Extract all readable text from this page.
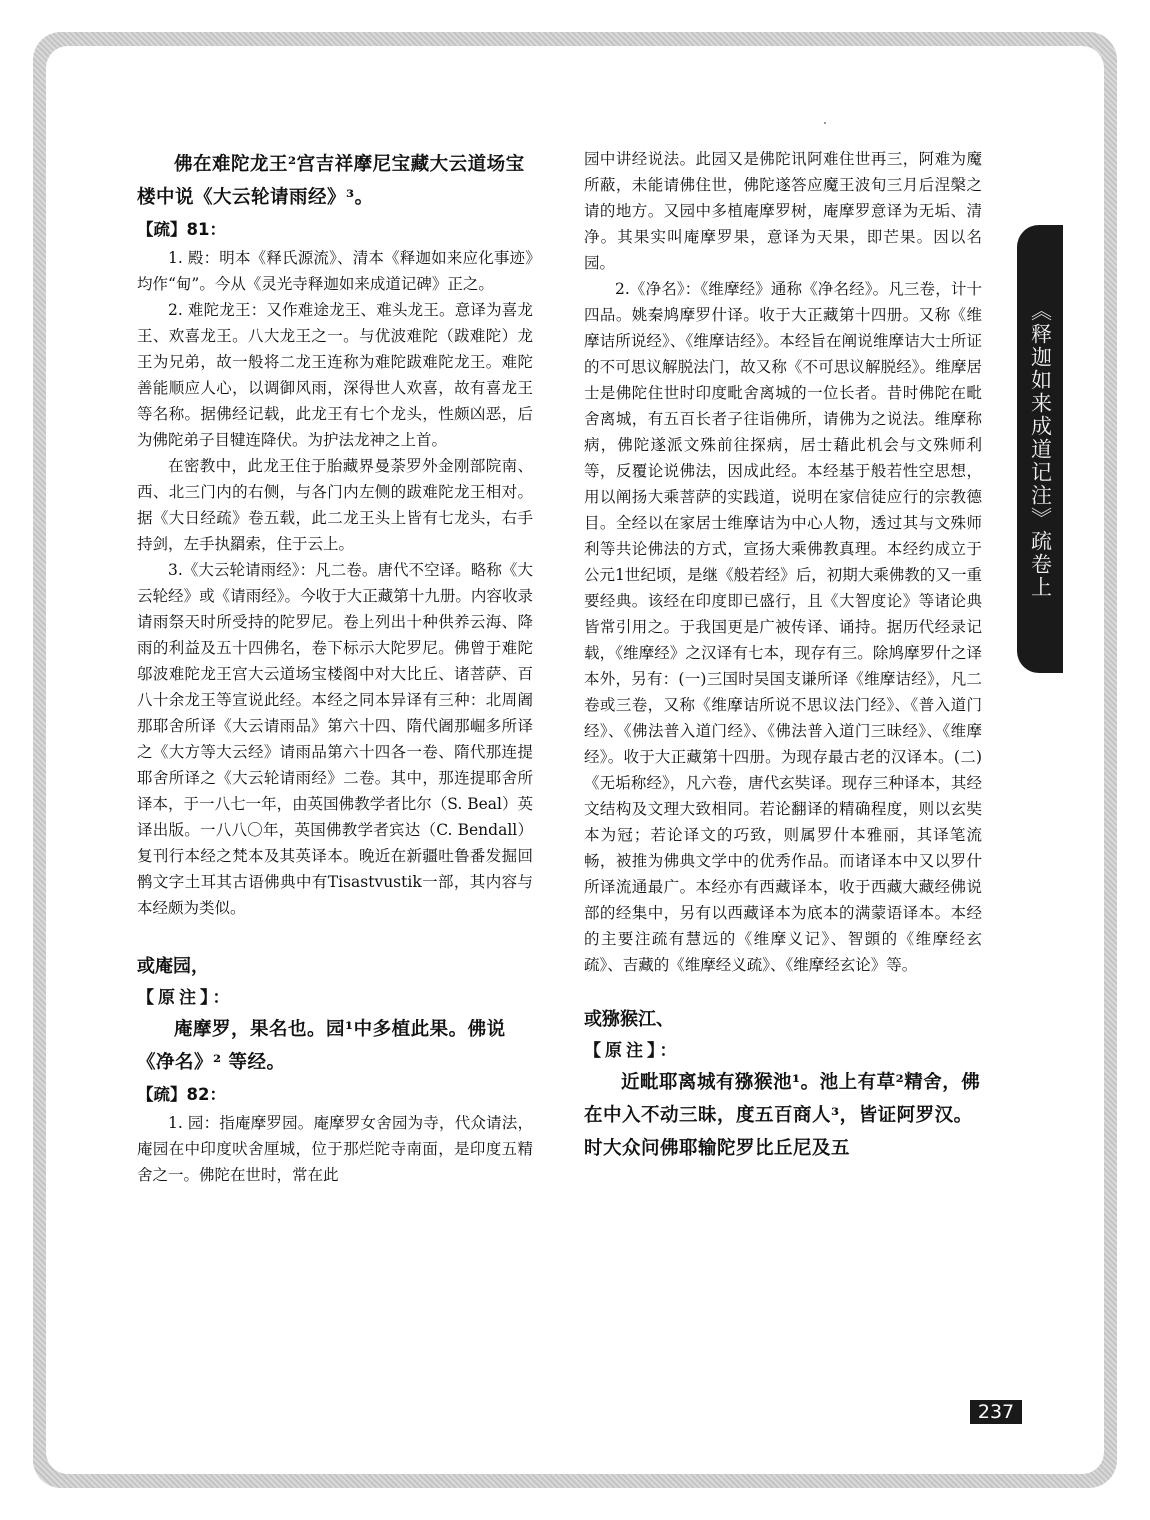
佛在难陀龙王²宫吉祥摩尼宝藏大云道场宝楼中说《大云轮请雨经》³。

【疏】81：

1. 殿：明本《释氏源流》、清本《释迦如来应化事迹》均作“甸”。今从《灵光寺释迦如来成道记碑》正之。

2. 难陀龙王：又作难途龙王、难头龙王。意译为喜龙王、欢喜龙王。八大龙王之一。与优波难陀（跋难陀）龙王为兄弟，故一般将二龙王连称为难陀跋难陀龙王。难陀善能顺应人心，以调御风雨，深得世人欢喜，故有喜龙王等名称。据佛经记载，此龙王有七个龙头，性颇凶恶，后为佛陀弟子目犍连降伏。为护法龙神之上首。

在密教中，此龙王住于胎藏界曼荼罗外金刚部院南、西、北三门内的右侧，与各门内左侧的跋难陀龙王相对。据《大日经疏》卷五载，此二龙王头上皆有七龙头，右手持剑，左手执羂索，住于云上。

3.《大云轮请雨经》：凡二卷。唐代不空译。略称《大云轮经》或《请雨经》。今收于大正藏第十九册。内容收录请雨祭天时所受持的陀罗尼。卷上列出十种供养云海、降雨的利益及五十四佛名，卷下标示大陀罗尼。佛曾于难陀邬波难陀龙王宫大云道场宝楼阁中对大比丘、诸菩萨、百八十余龙王等宣说此经。本经之同本异译有三种：北周阇那耶舍所译《大云请雨品》第六十四、隋代阇那崛多所译之《大方等大云经》请雨品第六十四各一卷、隋代那连提耶舍所译之《大云轮请雨经》二卷。其中，那连提耶舍所译本，于一八七一年，由英国佛教学者比尔（S. Beal）英译出版。一八八〇年，英国佛教学者宾达（C. Bendall）复刊行本经之梵本及其英译本。晚近在新疆吐鲁番发掘回鹘文字土耳其古语佛典中有Tisastvustik一部，其内容与本经颇为类似。

或庵园，

【原注】：

庵摩罗，果名也。园¹中多植此果。佛说《净名》² 等经。

【疏】82：

1. 园：指庵摩罗园。庵摩罗女舍园为寺，代众请法，庵园在中印度吠舍厘城，位于那烂陀寺南面，是印度五精舍之一。佛陀在世时，常在此

园中讲经说法。此园又是佛陀讯阿难住世再三，阿难为魔所蔽，未能请佛住世，佛陀遂答应魔王波旬三月后涅槃之请的地方。又园中多植庵摩罗树，庵摩罗意译为无垢、清净。其果实叫庵摩罗果，意译为天果，即芒果。因以名园。

2.《净名》：《维摩经》通称《净名经》。凡三卷，计十四品。姚秦鸠摩罗什译。收于大正藏第十四册。又称《维摩诘所说经》、《维摩诘经》。本经旨在阐说维摩诘大士所证的不可思议解脱法门，故又称《不可思议解脱经》。维摩居士是佛陀住世时印度毗舍离城的一位长者。昔时佛陀在毗舍离城，有五百长者子往诣佛所，请佛为之说法。维摩称病，佛陀遂派文殊前往探病，居士藉此机会与文殊师利等，反覆论说佛法，因成此经。本经基于般若性空思想，用以阐扬大乘菩萨的实践道，说明在家信徒应行的宗教德目。全经以在家居士维摩诘为中心人物，透过其与文殊师利等共论佛法的方式，宣扬大乘佛教真理。本经约成立于公元1世纪顷，是继《般若经》后，初期大乘佛教的又一重要经典。该经在印度即已盛行，且《大智度论》等诸论典皆常引用之。于我国更是广被传译、诵持。据历代经录记载，《维摩经》之汉译有七本，现存有三。除鸠摩罗什之译本外，另有：(一)三国时吴国支谦所译《维摩诘经》，凡二卷或三卷，又称《维摩诘所说不思议法门经》、《普入道门经》、《佛法普入道门经》、《佛法普入道门三昧经》、《维摩经》。收于大正藏第十四册。为现存最古老的汉译本。(二)《无垢称经》，凡六卷，唐代玄奘译。现存三种译本，其经文结构及文理大致相同。若论翻译的精确程度，则以玄奘本为冠；若论译文的巧致，则属罗什本雅丽，其译笔流畅，被推为佛典文学中的优秀作品。而诸译本中又以罗什所译流通最广。本经亦有西藏译本，收于西藏大藏经佛说部的经集中，另有以西藏译本为底本的满蒙语译本。本经的主要注疏有慧远的《维摩义记》、智顗的《维摩经玄疏》、吉藏的《维摩经义疏》、《维摩经玄论》等。

或猕猴江、

【原注】：

近毗耶离城有猕猴池¹。池上有草²精舍，佛在中入不动三昧，度五百商人³，皆证阿罗汉。时大众问佛耶输陀罗比丘尼及五

《释迦如来成道记注》疏卷上
237
